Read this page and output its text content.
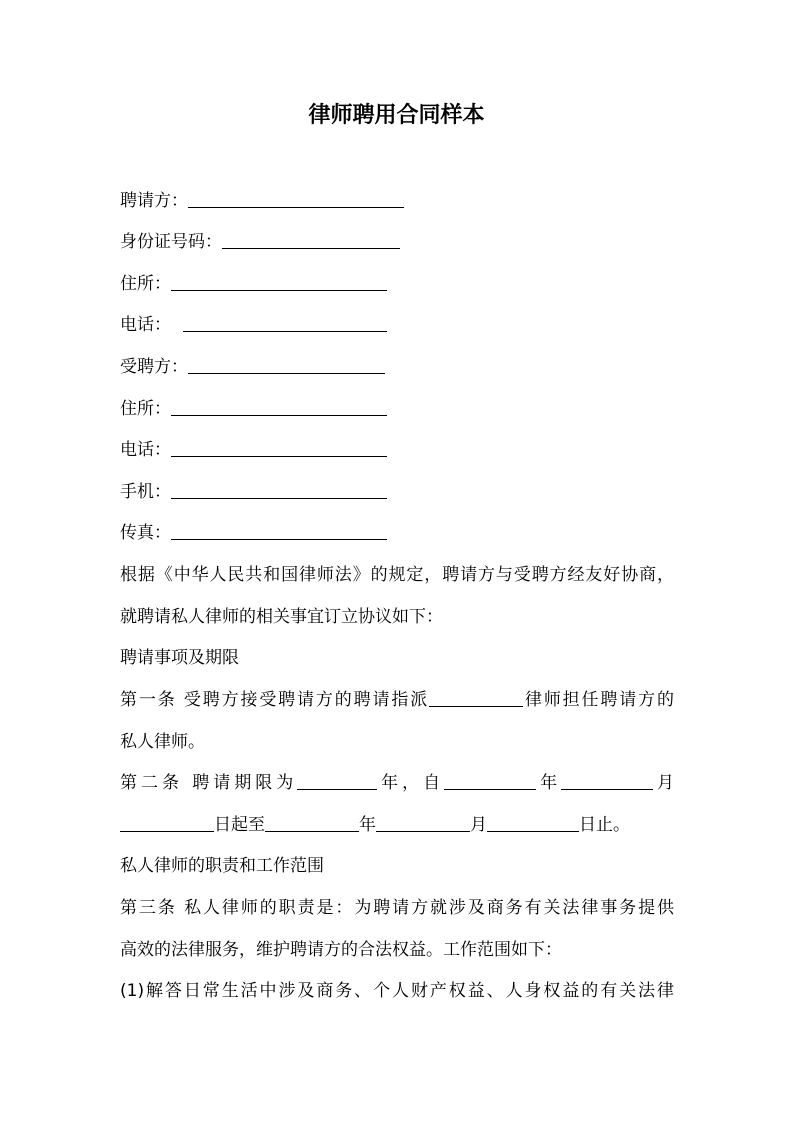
律师聘用合同样本
聘请方：
身份证号码：
住所：
电话：
受聘方：
住所：
电话：
手机：
传真：
根据《中华人民共和国律师法》的规定，聘请方与受聘方经友好协商，
就聘请私人律师的相关事宜订立协议如下：
聘请事项及期限
第一条 受聘方接受聘请方的聘请指派	律师担任聘请方的
私人律师。
第二条 聘请期限为	年，自	年	月
日起至	年	月	日止。
私人律师的职责和工作范围
第三条 私人律师的职责是：为聘请方就涉及商务有关法律事务提供
高效的法律服务，维护聘请方的合法权益。工作范围如下：
(1)解答日常生活中涉及商务、个人财产权益、人身权益的有关法律
